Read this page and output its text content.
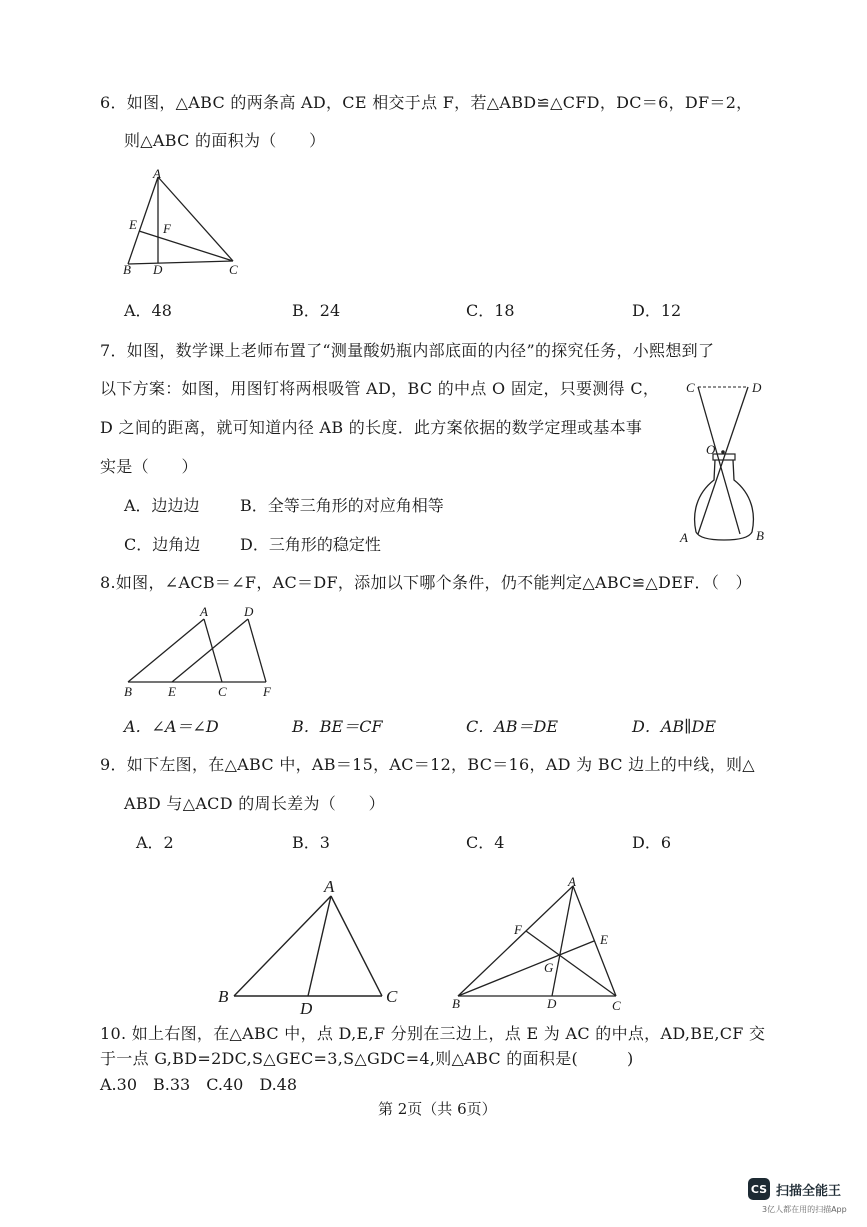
6．如图，△ABC 的两条高 AD，CE 相交于点 F，若△ABD≌△CFD，DC＝6，DF＝2，
则△ABC 的面积为（　　）
A
E F
B D	C
A．48	B．24	C．18	D．12
7．如图，数学课上老师布置了“测量酸奶瓶内部底面的内径”的探究任务，小熙想到了
以下方案：如图，用图钉将两根吸管 AD，BC 的中点 O 固定，只要测得 C，
D 之间的距离，就可知道内径 AB 的长度．此方案依据的数学定理或基本事
实是（　　）
A．边边边	B．全等三角形的对应角相等
C．边角边 D．三角形的稳定性
C	D
O
A	B
8.如图，∠ACB＝∠F，AC＝DF，添加以下哪个条件，仍不能判定△ABC≌△DEF．（　）
A	D
B	E	C	F
A．∠A＝∠D	B．BE＝CF	C．AB＝DE	D．AB∥DE
9．如下左图，在△ABC 中，AB＝15，AC＝12，BC＝16，AD 为 BC 边上的中线，则△
ABD 与△ACD 的周长差为（　　）
A．2	B．3	C．4	D．6
A
B
D
C
A
F
E
G
B	D	C
10. 如上右图，在△ABC 中，点 D,E,F 分别在三边上，点 E 为 AC 的中点，AD,BE,CF 交
于一点 G,BD=2DC,S△GEC=3,S△GDC=4,则△ABC 的面积是(　　　)
A.30　B.33　C.40　D.48
第 2页（共 6页）
CS 扫描全能王
3亿人都在用的扫描App
